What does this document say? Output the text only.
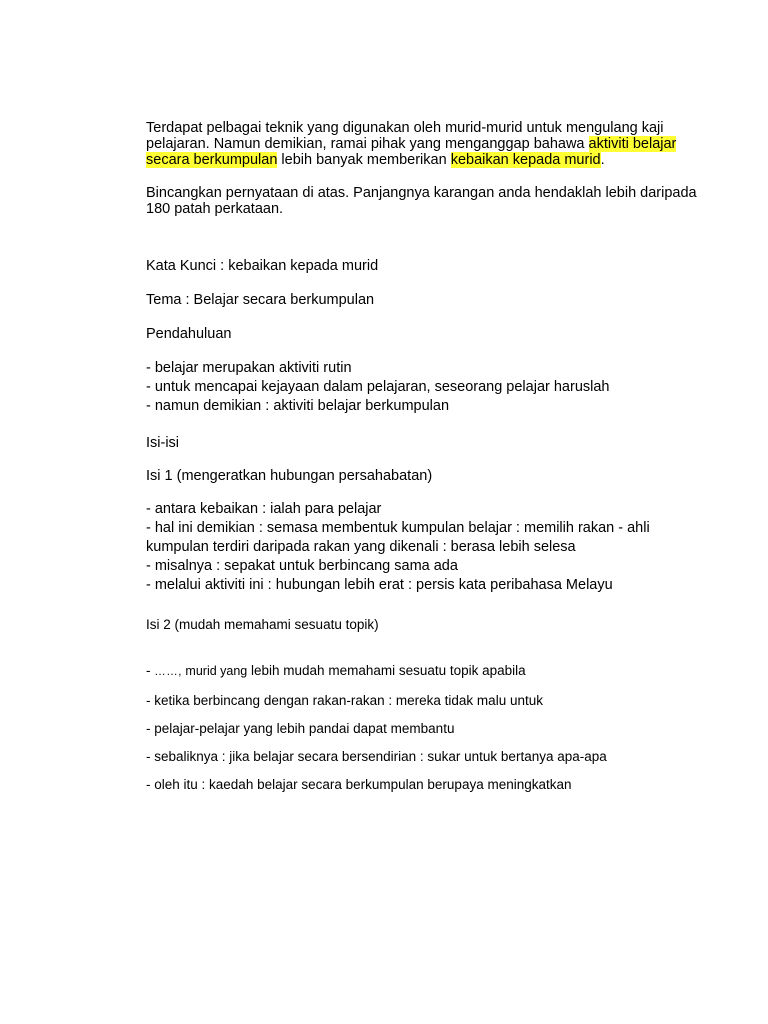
Terdapat pelbagai teknik yang digunakan oleh murid-murid untuk mengulang kaji pelajaran. Namun demikian, ramai pihak yang menganggap bahawa aktiviti belajar secara berkumpulan lebih banyak memberikan kebaikan kepada murid.

Bincangkan pernyataan di atas. Panjangnya karangan anda hendaklah lebih daripada 180 patah perkataan.

Kata Kunci : kebaikan kepada murid

Tema : Belajar secara berkumpulan

Pendahuluan

- belajar merupakan aktiviti rutin

- untuk mencapai kejayaan dalam pelajaran, seseorang pelajar haruslah

- namun demikian : aktiviti belajar berkumpulan

Isi-isi

Isi 1 (mengeratkan hubungan persahabatan)

- antara kebaikan : ialah para pelajar

- hal ini demikian : semasa membentuk kumpulan belajar : memilih rakan - ahli

kumpulan terdiri daripada rakan yang dikenali : berasa lebih selesa

- misalnya : sepakat untuk berbincang sama ada

- melalui aktiviti ini : hubungan lebih erat : persis kata peribahasa Melayu

Isi 2 (mudah memahami sesuatu topik)

- ……, murid yang lebih mudah memahami sesuatu topik apabila

- ketika berbincang dengan rakan-rakan : mereka tidak malu untuk

- pelajar-pelajar yang lebih pandai dapat membantu

- sebaliknya : jika belajar secara bersendirian : sukar untuk bertanya apa-apa

- oleh itu : kaedah belajar secara berkumpulan berupaya meningkatkan
